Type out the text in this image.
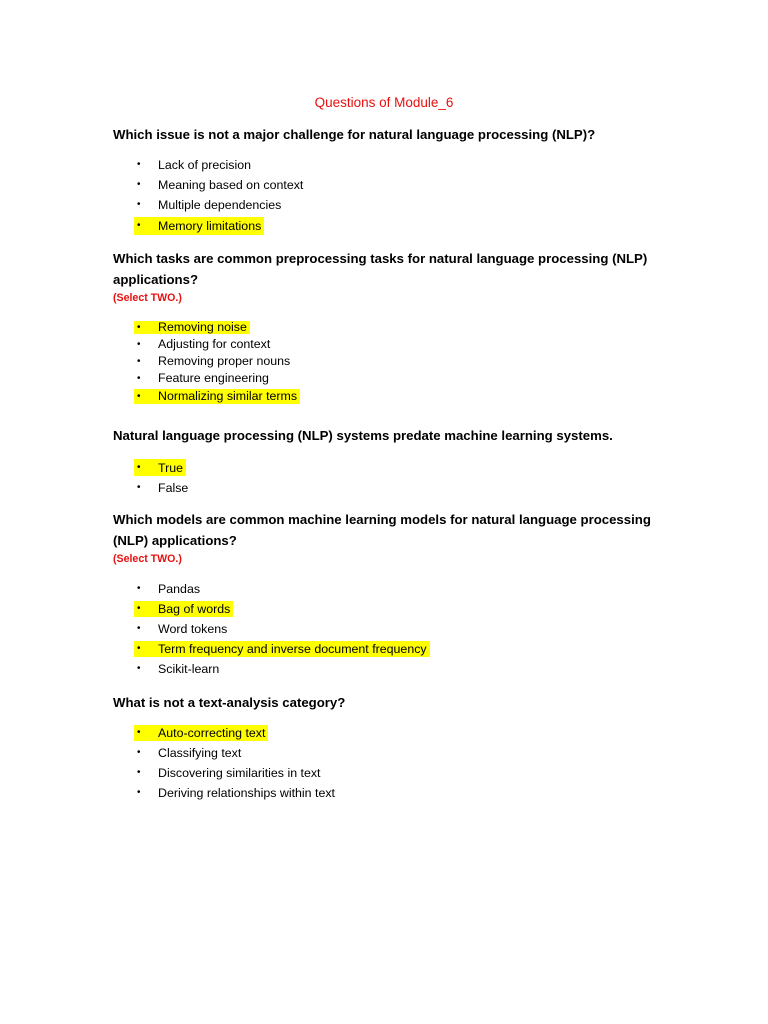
Questions of Module_6

Which issue is not a major challenge for natural language processing (NLP)?

•	Lack of precision
•	Meaning based on context
•	Multiple dependencies
•	Memory limitations

Which tasks are common preprocessing tasks for natural language processing (NLP) applications?

(Select TWO.)
•	Removing noise
•	Adjusting for context
•	Removing proper nouns
•	Feature engineering
•	Normalizing similar terms

Natural language processing (NLP) systems predate machine learning systems.

•	True
•	False

Which models are common machine learning models for natural language processing (NLP) applications?

(Select TWO.)
•	Pandas
•	Bag of words
•	Word tokens
•	Term frequency and inverse document frequency
•	Scikit-learn

What is not a text-analysis category?

•	Auto-correcting text
•	Classifying text
•	Discovering similarities in text
•	Deriving relationships within text
